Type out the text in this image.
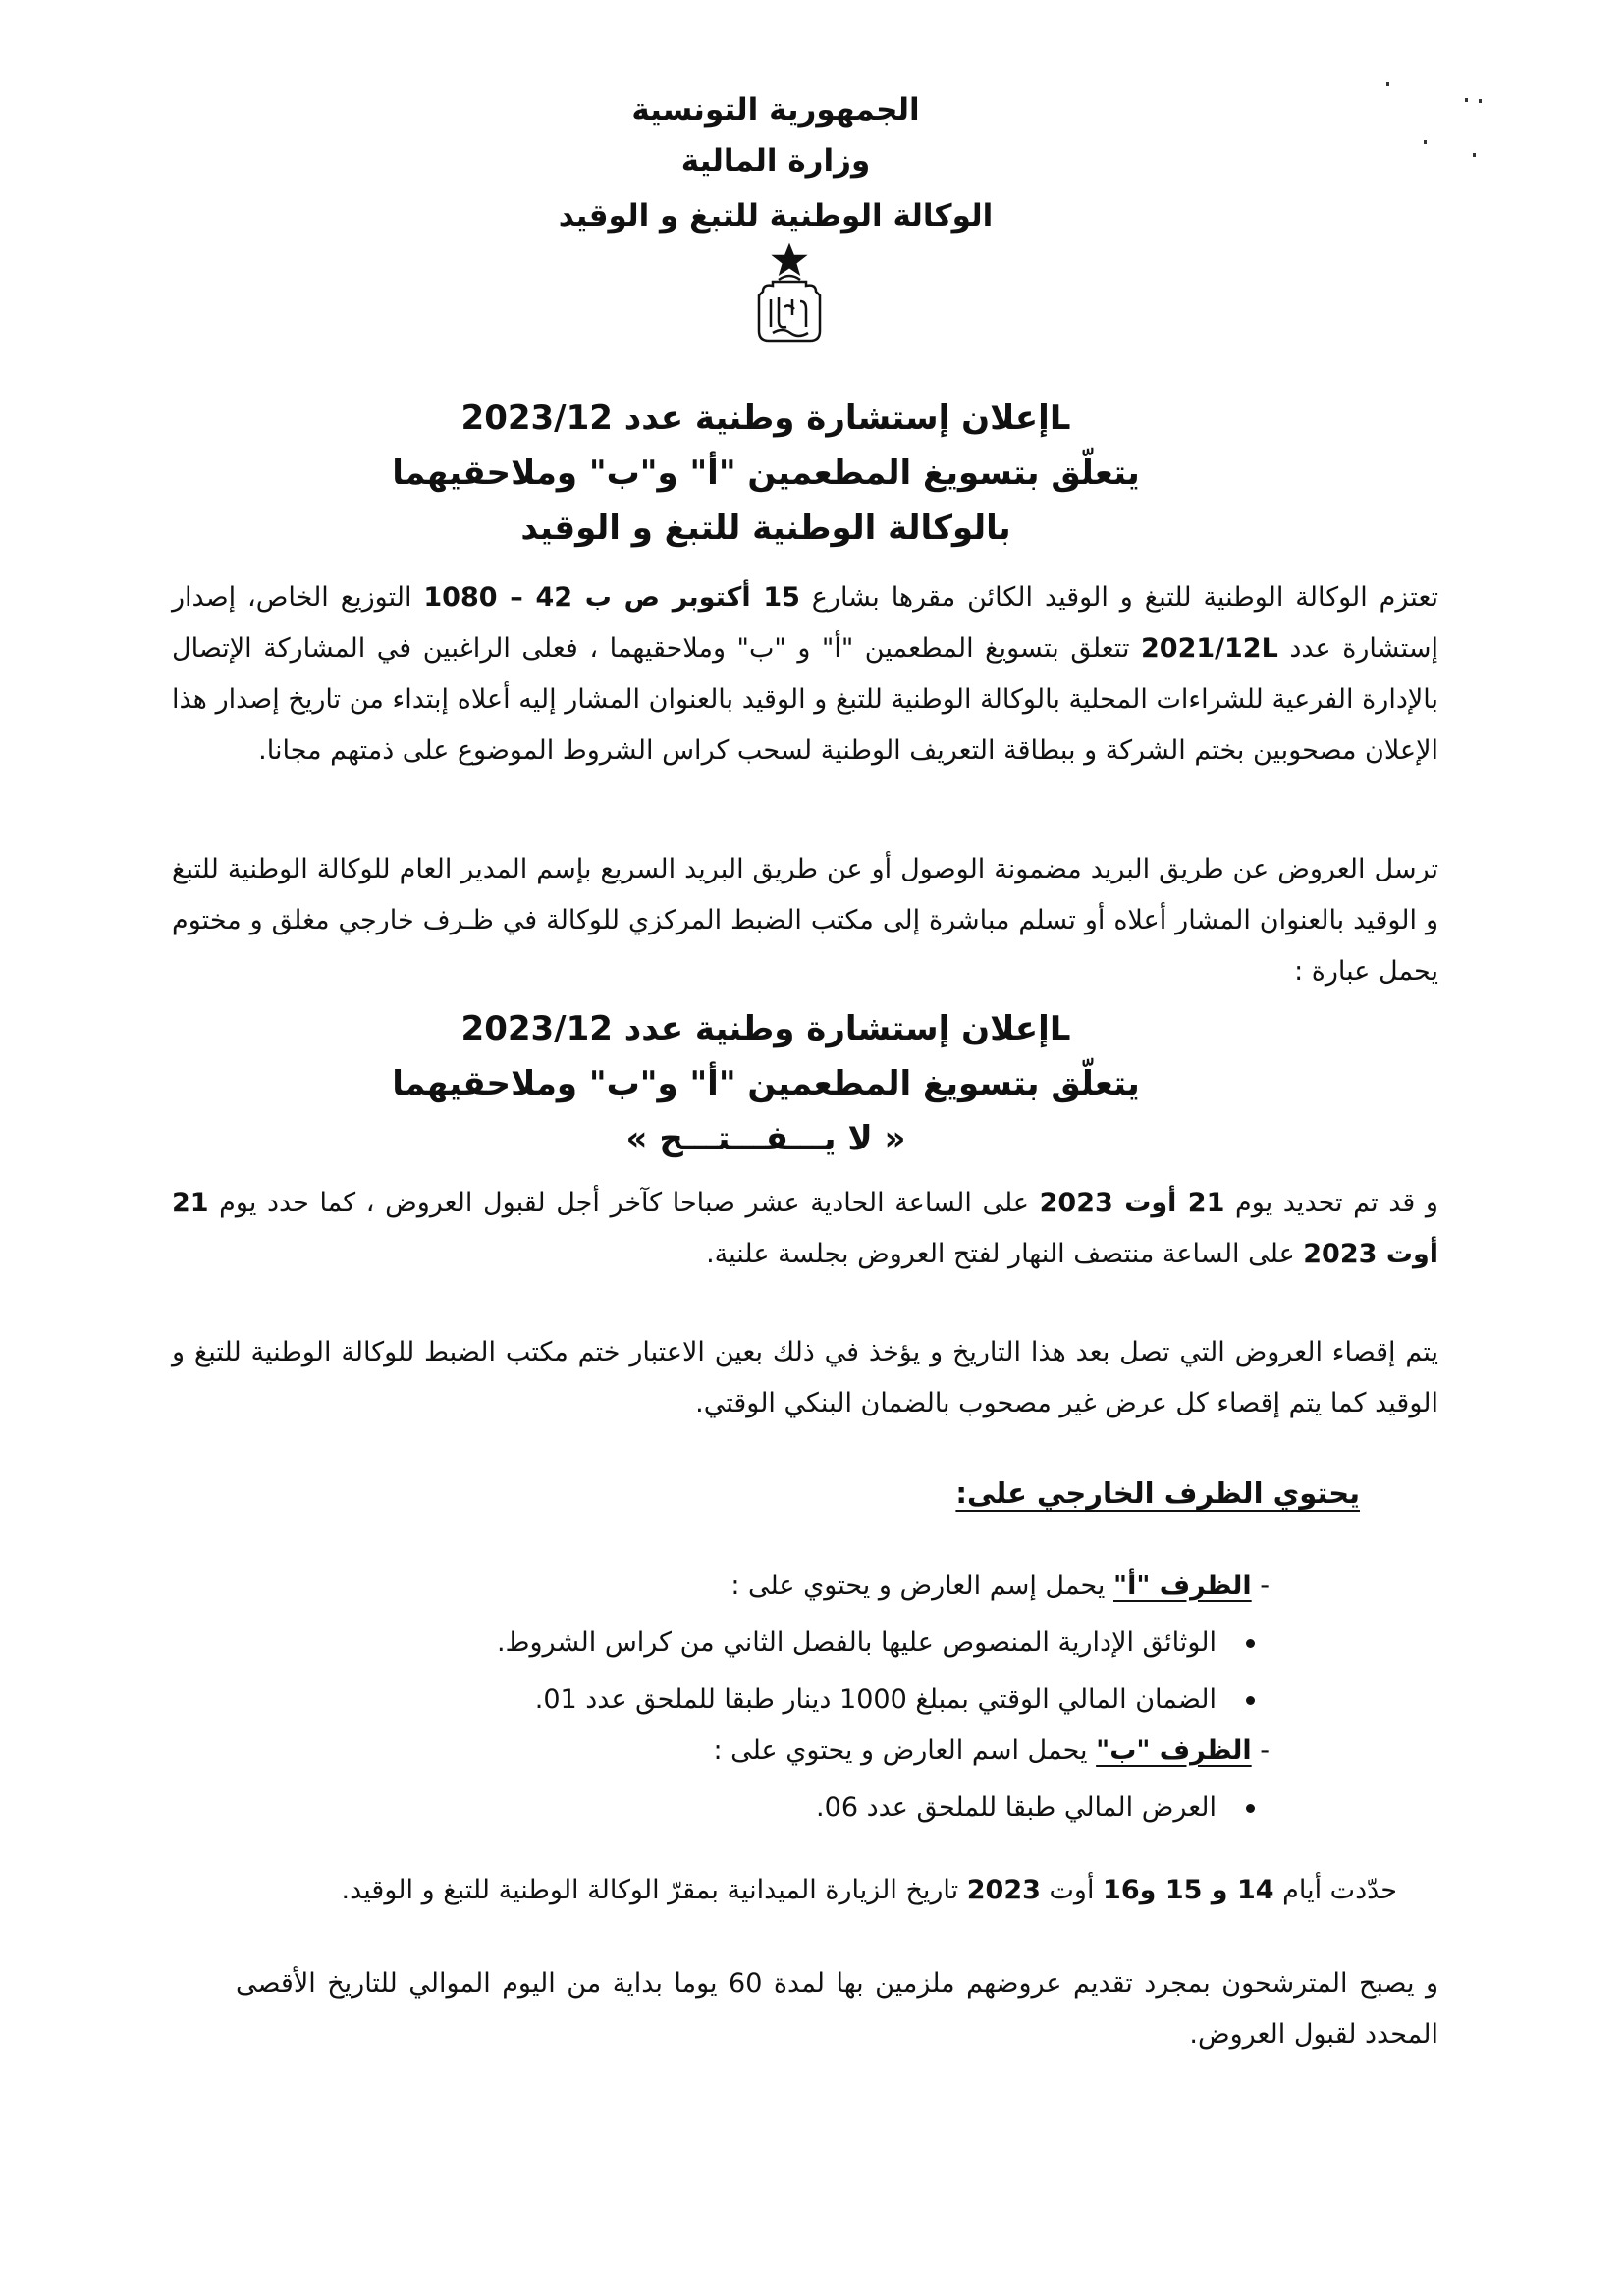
الجمهورية التونسية
وزارة المالية
الوكالة الوطنية للتبغ و الوقيد
إعلان إستشارة وطنية عدد 2023/12L
يتعلّق بتسويغ المطعمين "أ" و"ب" وملاحقيهما
بالوكالة الوطنية للتبغ و الوقيد
تعتزم الوكالة الوطنية للتبغ و الوقيد الكائن مقرها بشارع 15 أكتوبر ص ب 42 – 1080 التوزيع الخاص، إصدار إستشارة عدد 2021/12L تتعلق بتسويغ المطعمين "أ" و "ب" وملاحقيهما ، فعلى الراغبين في المشاركة الإتصال بالإدارة الفرعية للشراءات المحلية بالوكالة الوطنية للتبغ و الوقيد بالعنوان المشار إليه أعلاه إبتداء من تاريخ إصدار هذا الإعلان مصحوبين بختم الشركة و ببطاقة التعريف الوطنية لسحب كراس الشروط الموضوع على ذمتهم مجانا.
ترسل العروض عن طريق البريد مضمونة الوصول أو عن طريق البريد السريع بإسم المدير العام للوكالة الوطنية للتبغ و الوقيد بالعنوان المشار أعلاه أو تسلم مباشرة إلى مكتب الضبط المركزي للوكالة في ظـرف خارجي مغلق و مختوم يحمل عبارة :
إعلان إستشارة وطنية عدد 2023/12L
يتعلّق بتسويغ المطعمين "أ" و"ب" وملاحقيهما
« لا يـــفـــتـــح »
و قد تم تحديد يوم 21 أوت 2023 على الساعة الحادية عشر صباحا كآخر أجل لقبول العروض ، كما حدد يوم 21 أوت 2023 على الساعة منتصف النهار لفتح العروض بجلسة علنية.
يتم إقصاء العروض التي تصل بعد هذا التاريخ و يؤخذ في ذلك بعين الاعتبار ختم مكتب الضبط للوكالة الوطنية للتبغ و الوقيد كما يتم إقصاء كل عرض غير مصحوب بالضمان البنكي الوقتي.
يحتوي الظرف الخارجي على:
- الظرف "أ" يحمل إسم العارض و يحتوي على :
الوثائق الإدارية المنصوص عليها بالفصل الثاني من كراس الشروط.
الضمان المالي الوقتي بمبلغ 1000 دينار طبقا للملحق عدد 01.
- الظرف "ب" يحمل اسم العارض و يحتوي على :
العرض المالي طبقا للملحق عدد 06.
حدّدت أيام 14 و 15 و16 أوت 2023 تاريخ الزيارة الميدانية بمقرّ الوكالة الوطنية للتبغ و الوقيد.
و يصبح المترشحون بمجرد تقديم عروضهم ملزمين بها لمدة 60 يوما بداية من اليوم الموالي للتاريخ الأقصى المحدد لقبول العروض.
